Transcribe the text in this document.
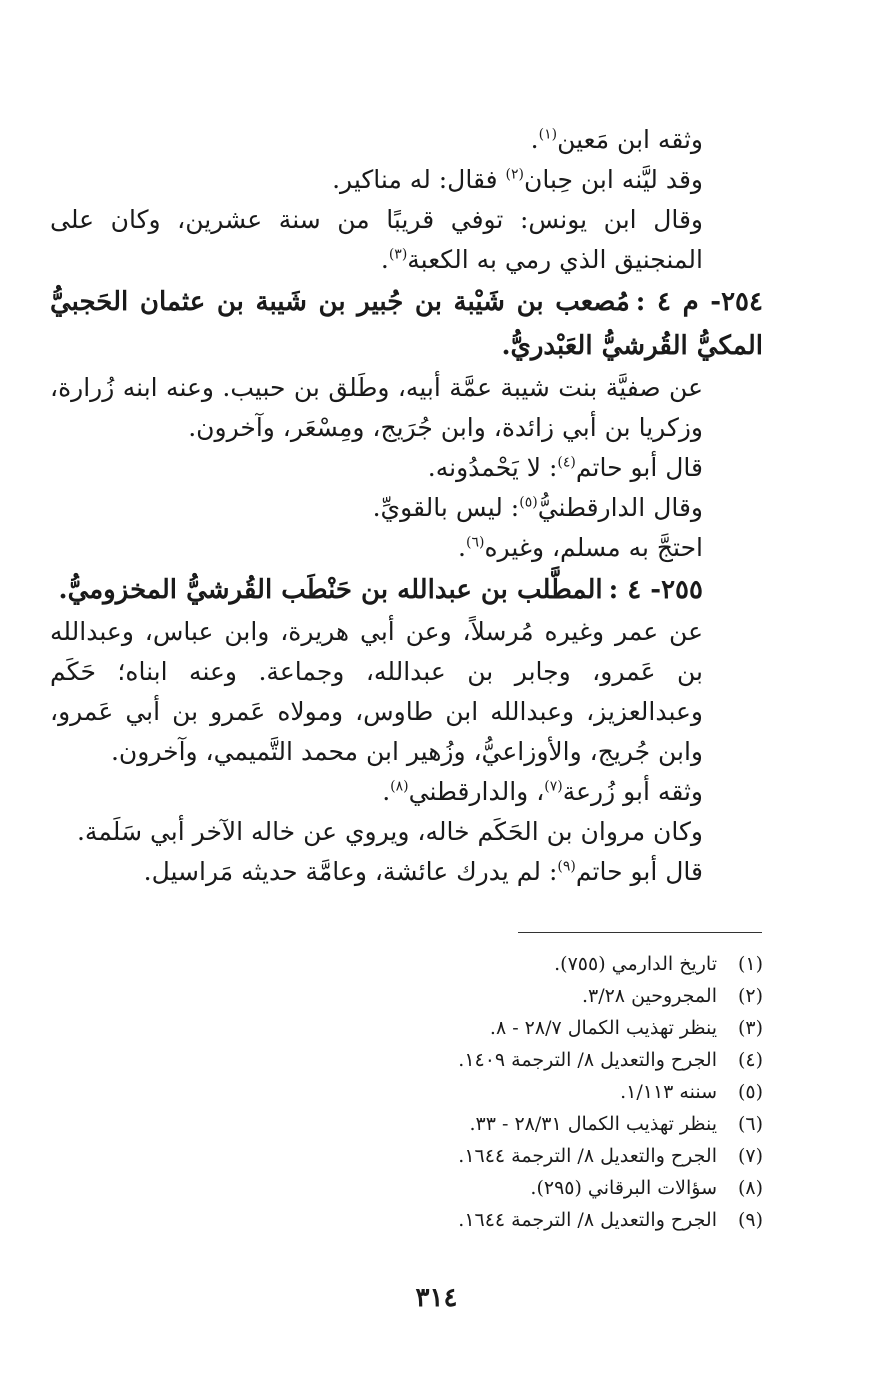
وثقه ابن مَعين$^{(١)}$.

وقد ليَّنه ابن حِبان$^{(٢)}$ فقال: له مناكير.

وقال ابن يونس: توفي قريبًا من سنة عشرين، وكان على المنجنيق الذي رمي به الكعبة$^{(٣)}$.

٢٥٤- م ٤ :مُصعب بن شَيْبة بن جُبير بن شَيبة بن عثمان الحَجبيُّ المكيُّ القُرشيُّ العَبْدريُّ.

عن صفيَّة بنت شيبة عمَّة أبيه، وطَلق بن حبيب. وعنه ابنه زُرارة، وزكريا بن أبي زائدة، وابن جُرَيج، ومِسْعَر، وآخرون.

قال أبو حاتم$^{(٤)}$: لا يَحْمدُونه.

وقال الدارقطنيُّ$^{(٥)}$: ليس بالقويِّ.

احتجَّ به مسلم، وغيره$^{(٦)}$.

٢٥٥- ٤ :المطَّلب بن عبدالله بن حَنْطَب القُرشيُّ المخزوميُّ.

عن عمر وغيره مُرسلاً، وعن أبي هريرة، وابن عباس، وعبدالله بن عَمرو، وجابر بن عبدالله، وجماعة. وعنه ابناه؛ حَكَم وعبدالعزيز، وعبدالله ابن طاوس، ومولاه عَمرو بن أبي عَمرو، وابن جُريج، والأوزاعيُّ، وزُهير ابن محمد التَّميمي، وآخرون.

وثقه أبو زُرعة$^{(٧)}$، والدارقطني$^{(٨)}$.

وكان مروان بن الحَكَم خاله، ويروي عن خاله الآخر أبي سَلَمة.

قال أبو حاتم$^{(٩)}$: لم يدرك عائشة، وعامَّة حديثه مَراسيل.

(١)
تاريخ الدارمي (٧٥٥).
(٢)
المجروحين ٣/٢٨.
(٣)
ينظر تهذيب الكمال ٢٨/٧ - ٨.
(٤)
الجرح والتعديل ٨/ الترجمة ١٤٠٩.
(٥)
سننه ١/١١٣.
(٦)
ينظر تهذيب الكمال ٢٨/٣١ - ٣٣.
(٧)
الجرح والتعديل ٨/ الترجمة ١٦٤٤.
(٨)
سؤالات البرقاني (٢٩٥).
(٩)
الجرح والتعديل ٨/ الترجمة ١٦٤٤.
٣١٤
